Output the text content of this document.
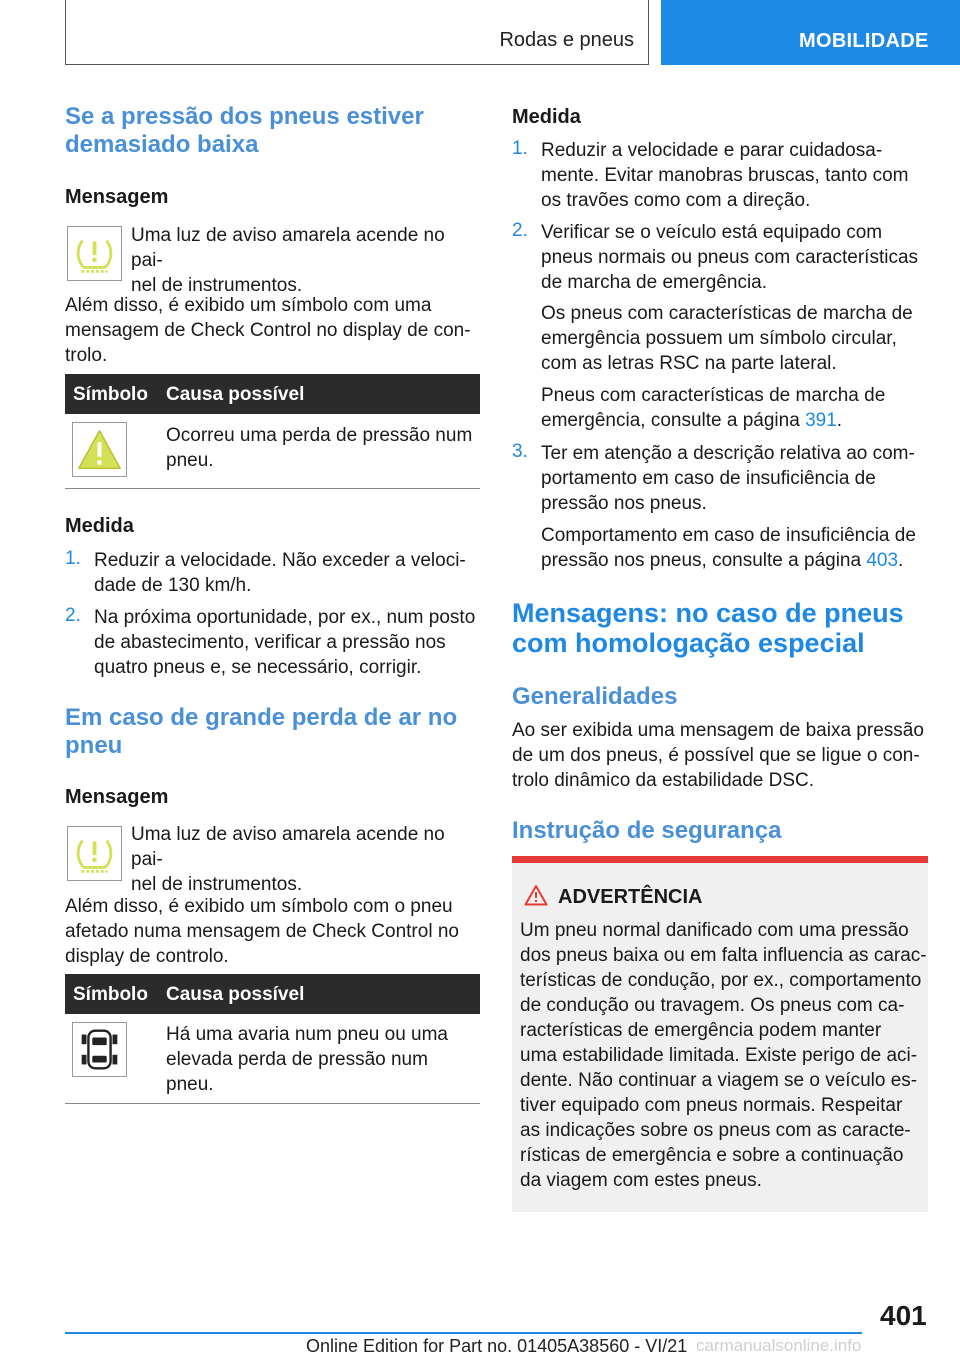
Rodas e pneus	MOBILIDADE
Se a pressão dos pneus estiver
demasiado baixa
Mensagem
Uma luz de aviso amarela acende no pai-
nel de instrumentos.
Além disso, é exibido um símbolo com uma
mensagem de Check Control no display de con-
trolo.
Símbolo Causa possível
Ocorreu uma perda de pressão num
pneu.
Medida
1. Reduzir a velocidade. Não exceder a veloci-
dade de 130 km/h.
2. Na próxima oportunidade, por ex., num posto
de abastecimento, verificar a pressão nos
quatro pneus e, se necessário, corrigir.
Em caso de grande perda de ar no
pneu
Mensagem
Uma luz de aviso amarela acende no pai-
nel de instrumentos.
Além disso, é exibido um símbolo com o pneu
afetado numa mensagem de Check Control no
display de controlo.
Símbolo Causa possível
Há uma avaria num pneu ou uma
elevada perda de pressão num
pneu.
Medida
1. Reduzir a velocidade e parar cuidadosa-
mente. Evitar manobras bruscas, tanto com
os travões como com a direção.
2. Verificar se o veículo está equipado com
pneus normais ou pneus com características
de marcha de emergência.
Os pneus com características de marcha de
emergência possuem um símbolo circular,
com as letras RSC na parte lateral.
Pneus com características de marcha de
emergência, consulte a página 391.
3. Ter em atenção a descrição relativa ao com-
portamento em caso de insuficiência de
pressão nos pneus.
Comportamento em caso de insuficiência de
pressão nos pneus, consulte a página 403.
Mensagens: no caso de pneus
com homologação especial
Generalidades
Ao ser exibida uma mensagem de baixa pressão
de um dos pneus, é possível que se ligue o con-
trolo dinâmico da estabilidade DSC.
Instrução de segurança
ADVERTÊNCIA
Um pneu normal danificado com uma pressão
dos pneus baixa ou em falta influencia as carac-
terísticas de condução, por ex., comportamento
de condução ou travagem. Os pneus com ca-
racterísticas de emergência podem manter
uma estabilidade limitada. Existe perigo de aci-
dente. Não continuar a viagem se o veículo es-
tiver equipado com pneus normais. Respeitar
as indicações sobre os pneus com as caracte-
rísticas de emergência e sobre a continuação
da viagem com estes pneus.
401
Online Edition for Part no. 01405A38560 - VI/21 carmanualsonline.info
